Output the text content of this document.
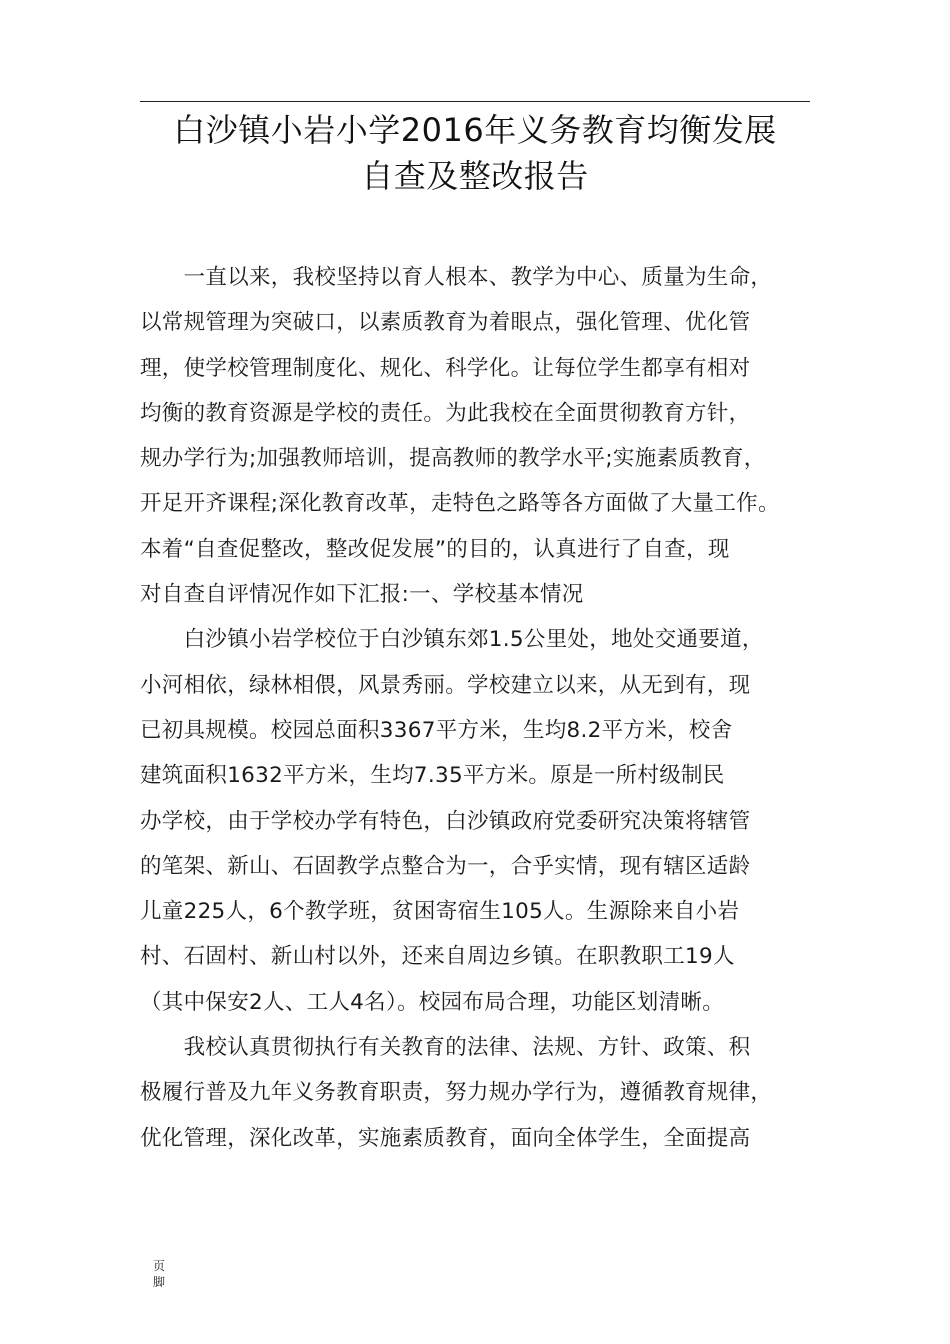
白沙镇小岩小学2016年义务教育均衡发展
自查及整改报告

　　一直以来，我校坚持以育人根本、教学为中心、质量为生命，
以常规管理为突破口，以素质教育为着眼点，强化管理、优化管
理，使学校管理制度化、规化、科学化。让每位学生都享有相对
均衡的教育资源是学校的责任。为此我校在全面贯彻教育方针，
规办学行为;加强教师培训，提高教师的教学水平;实施素质教育，
开足开齐课程;深化教育改革，走特色之路等各方面做了大量工作。
本着“自查促整改，整改促发展”的目的，认真进行了自查，现
对自查自评情况作如下汇报:一、学校基本情况

　　白沙镇小岩学校位于白沙镇东郊1.5公里处，地处交通要道，
小河相依，绿林相偎，风景秀丽。学校建立以来，从无到有，现
已初具规模。校园总面积3367平方米，生均8.2平方米，校舍
建筑面积1632平方米，生均7.35平方米。原是一所村级制民
办学校，由于学校办学有特色，白沙镇政府党委研究决策将辖管
的笔架、新山、石固教学点整合为一，合乎实情，现有辖区适龄
儿童225人，6个教学班，贫困寄宿生105人。生源除来自小岩
村、石固村、新山村以外，还来自周边乡镇。在职教职工19人
（其中保安2人、工人4名）。校园布局合理，功能区划清晰。

　　我校认真贯彻执行有关教育的法律、法规、方针、政策、积
极履行普及九年义务教育职责，努力规办学行为，遵循教育规律，
优化管理，深化改革，实施素质教育，面向全体学生，全面提高

页
脚
